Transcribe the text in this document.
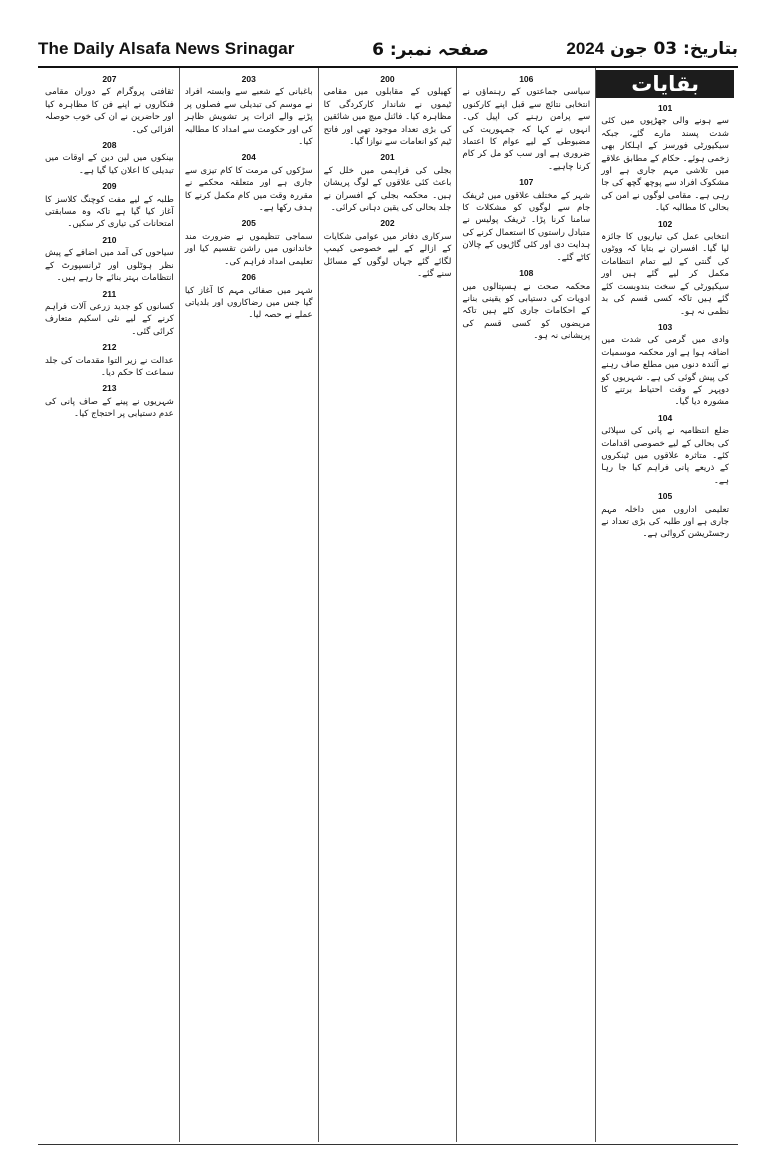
The Daily Alsafa News Srinagar	صفحہ نمبر: 6	بتاریخ: 03 جون 2024
بقایات
101

سے ہونے والی جھڑپوں میں کئی شدت پسند مارے گئے، جبکہ سیکیورٹی فورسز کے اہلکار بھی زخمی ہوئے۔ حکام کے مطابق علاقے میں تلاشی مہم جاری ہے اور مشکوک افراد سے پوچھ گچھ کی جا رہی ہے۔ مقامی لوگوں نے امن کی بحالی کا مطالبہ کیا۔

102

انتخابی عمل کی تیاریوں کا جائزہ لیا گیا۔ افسران نے بتایا کہ ووٹوں کی گنتی کے لیے تمام انتظامات مکمل کر لیے گئے ہیں اور سیکیورٹی کے سخت بندوبست کئے گئے ہیں تاکہ کسی قسم کی بد نظمی نہ ہو۔

103

وادی میں گرمی کی شدت میں اضافہ ہوا ہے اور محکمہ موسمیات نے آئندہ دنوں میں مطلع صاف رہنے کی پیش گوئی کی ہے۔ شہریوں کو دوپہر کے وقت احتیاط برتنے کا مشورہ دیا گیا۔

104

ضلع انتظامیہ نے پانی کی سپلائی کی بحالی کے لیے خصوصی اقدامات کئے۔ متاثرہ علاقوں میں ٹینکروں کے ذریعے پانی فراہم کیا جا رہا ہے۔

105

تعلیمی اداروں میں داخلہ مہم جاری ہے اور طلبہ کی بڑی تعداد نے رجسٹریشن کروائی ہے۔

106

سیاسی جماعتوں کے رہنماؤں نے انتخابی نتائج سے قبل اپنے کارکنوں سے پرامن رہنے کی اپیل کی۔ انہوں نے کہا کہ جمہوریت کی مضبوطی کے لیے عوام کا اعتماد ضروری ہے اور سب کو مل کر کام کرنا چاہیے۔

107

شہر کے مختلف علاقوں میں ٹریفک جام سے لوگوں کو مشکلات کا سامنا کرنا پڑا۔ ٹریفک پولیس نے متبادل راستوں کا استعمال کرنے کی ہدایت دی اور کئی گاڑیوں کے چالان کاٹے گئے۔

108

محکمہ صحت نے ہسپتالوں میں ادویات کی دستیابی کو یقینی بنانے کے احکامات جاری کئے ہیں تاکہ مریضوں کو کسی قسم کی پریشانی نہ ہو۔

200

کھیلوں کے مقابلوں میں مقامی ٹیموں نے شاندار کارکردگی کا مظاہرہ کیا۔ فائنل میچ میں شائقین کی بڑی تعداد موجود تھی اور فاتح ٹیم کو انعامات سے نوازا گیا۔

201

بجلی کی فراہمی میں خلل کے باعث کئی علاقوں کے لوگ پریشان ہیں۔ محکمہ بجلی کے افسران نے جلد بحالی کی یقین دہانی کرائی۔

202

سرکاری دفاتر میں عوامی شکایات کے ازالے کے لیے خصوصی کیمپ لگائے گئے جہاں لوگوں کے مسائل سنے گئے۔

203

باغبانی کے شعبے سے وابستہ افراد نے موسم کی تبدیلی سے فصلوں پر پڑنے والے اثرات پر تشویش ظاہر کی اور حکومت سے امداد کا مطالبہ کیا۔

204

سڑکوں کی مرمت کا کام تیزی سے جاری ہے اور متعلقہ محکمے نے مقررہ وقت میں کام مکمل کرنے کا ہدف رکھا ہے۔

205

سماجی تنظیموں نے ضرورت مند خاندانوں میں راشن تقسیم کیا اور تعلیمی امداد فراہم کی۔

206

شہر میں صفائی مہم کا آغاز کیا گیا جس میں رضاکاروں اور بلدیاتی عملے نے حصہ لیا۔

207

ثقافتی پروگرام کے دوران مقامی فنکاروں نے اپنے فن کا مظاہرہ کیا اور حاضرین نے ان کی خوب حوصلہ افزائی کی۔

208

بینکوں میں لین دین کے اوقات میں تبدیلی کا اعلان کیا گیا ہے۔

209

طلبہ کے لیے مفت کوچنگ کلاسز کا آغاز کیا گیا ہے تاکہ وہ مسابقتی امتحانات کی تیاری کر سکیں۔

210

سیاحوں کی آمد میں اضافے کے پیش نظر ہوٹلوں اور ٹرانسپورٹ کے انتظامات بہتر بنائے جا رہے ہیں۔

211

کسانوں کو جدید زرعی آلات فراہم کرنے کے لیے نئی اسکیم متعارف کرائی گئی۔

212

عدالت نے زیر التوا مقدمات کی جلد سماعت کا حکم دیا۔

213

شہریوں نے پینے کے صاف پانی کی عدم دستیابی پر احتجاج کیا۔
